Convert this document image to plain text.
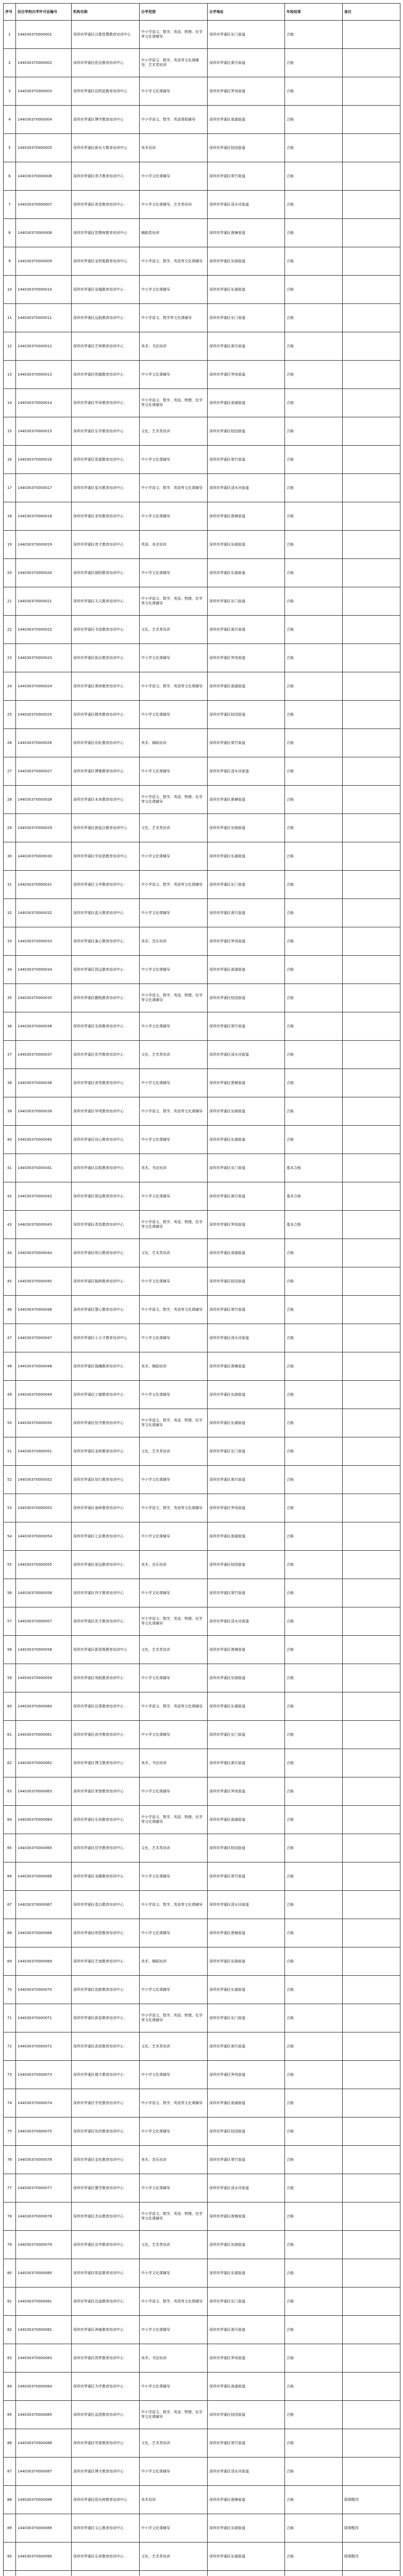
序号	民办学校办学许可证编号	机构名称	办学范围	办学地址	年检结果	备注
1	144030370000001	深圳市罗湖区百教智慧教育培训中心	中小学语文、数学、英语、物理、化学等文化课辅导	深圳市罗湖区东门街道	合格	
2	144030370000002	深圳市罗湖区阳光教育培训中心	中小学语文、数学、英语等文化课辅导，艺术类培训	深圳市罗湖区黄贝街道	合格	
3	144030370000003	深圳市罗湖区启明星教育培训中心	中小学文化课辅导	深圳市罗湖区笋岗街道	合格	
4	144030370000004	深圳市罗湖区博学教育培训中心	中小学语文、数学、英语课程辅导	深圳市罗湖区南湖街道	合格	
5	144030370000005	深圳市罗湖区新东方教育培训中心	美术培训	深圳市罗湖区桂园街道	合格	
6	144030370000006	深圳市罗湖区英才教育培训中心	中小学文化课辅导	深圳市罗湖区翠竹街道	合格	
7	144030370000007	深圳市罗湖区育苗教育培训中心	中小学文化课辅导，艺术类培训	深圳市罗湖区清水河街道	合格	
8	144030370000008	深圳市罗湖区智慧树教育培训中心	舞蹈类培训	深圳市罗湖区莲塘街道	合格	
9	144030370000009	深圳市罗湖区金钥匙教育培训中心	中小学语文、数学、英语等文化课辅导	深圳市罗湖区东晓街道	合格	
10	144030370000010	深圳市罗湖区卓越教育培训中心	中小学文化课辅导	深圳市罗湖区东湖街道	合格	
11	144030370000011	深圳市罗湖区远航教育培训中心	中小学语文、数学等文化课辅导	深圳市罗湖区东门街道	合格	
12	144030370000012	深圳市罗湖区艺林教育培训中心	美术、书法培训	深圳市罗湖区黄贝街道	合格	
13	144030370000013	深圳市罗湖区明德教育培训中心	中小学文化课辅导	深圳市罗湖区笋岗街道	合格	
14	144030370000014	深圳市罗湖区华章教育培训中心	中小学语文、数学、英语、物理、化学等文化课辅导	深圳市罗湖区南湖街道	合格	
15	144030370000015	深圳市罗湖区乐学教育培训中心	文化、艺术类培训	深圳市罗湖区桂园街道	合格	
16	144030370000016	深圳市罗湖区思源教育培训中心	中小学文化课辅导	深圳市罗湖区翠竹街道	合格	
17	144030370000017	深圳市罗湖区星光教育培训中心	中小学语文、数学、英语等文化课辅导	深圳市罗湖区清水河街道	合格	
18	144030370000018	深圳市罗湖区求知教育培训中心	中小学文化课辅导	深圳市罗湖区莲塘街道	合格	
19	144030370000019	深圳市罗湖区育才教育培训中心	英语、美术培训	深圳市罗湖区东晓街道	合格	
20	144030370000020	深圳市罗湖区朝阳教育培训中心	中小学文化课辅导	深圳市罗湖区东湖街道	合格	
21	144030370000021	深圳市罗湖区天天教育培训中心	中小学语文、数学、英语、物理、化学等文化课辅导	深圳市罗湖区东门街道	合格	
22	144030370000022	深圳市罗湖区书香教育培训中心	文化、艺术类培训	深圳市罗湖区黄贝街道	合格	
23	144030370000023	深圳市罗湖区励志教育培训中心	中小学文化课辅导	深圳市罗湖区笋岗街道	合格	
24	144030370000024	深圳市罗湖区奥林教育培训中心	中小学语文、数学、英语等文化课辅导	深圳市罗湖区南湖街道	合格	
25	144030370000025	深圳市罗湖区精英教育培训中心	中小学文化课辅导	深圳市罗湖区桂园街道	合格	
26	144030370000026	深圳市罗湖区彩虹教育培训中心	美术、舞蹈培训	深圳市罗湖区翠竹街道	合格	
27	144030370000027	深圳市罗湖区博雅教育培训中心	中小学文化课辅导	深圳市罗湖区清水河街道	合格	
28	144030370000028	深圳市罗湖区未来教育培训中心	中小学语文、数学、英语、物理、化学等文化课辅导	深圳市罗湖区莲塘街道	合格	
29	144030370000029	深圳市罗湖区新起点教育培训中心	文化、艺术类培训	深圳市罗湖区东晓街道	合格	
30	144030370000030	深圳市罗湖区学而思教育培训中心	中小学文化课辅导	深圳市罗湖区东湖街道	合格	
31	144030370000031	深圳市罗湖区文华教育培训中心	中小学语文、数学、英语等文化课辅导	深圳市罗湖区东门街道	合格	
32	144030370000032	深圳市罗湖区蓝天教育培训中心	中小学文化课辅导	深圳市罗湖区黄贝街道	合格	
33	144030370000033	深圳市罗湖区童心教育培训中心	美术、音乐培训	深圳市罗湖区笋岗街道	合格	
34	144030370000034	深圳市罗湖区致远教育培训中心	中小学文化课辅导	深圳市罗湖区南湖街道	合格	
35	144030370000035	深圳市罗湖区鹏程教育培训中心	中小学语文、数学、英语、物理、化学等文化课辅导	深圳市罗湖区桂园街道	合格	
36	144030370000036	深圳市罗湖区名师教育培训中心	中小学文化课辅导	深圳市罗湖区翠竹街道	合格	
37	144030370000037	深圳市罗湖区优学教育培训中心	文化、艺术类培训	深圳市罗湖区清水河街道	合格	
38	144030370000038	深圳市罗湖区育英教育培训中心	中小学文化课辅导	深圳市罗湖区莲塘街道	合格	
39	144030370000039	深圳市罗湖区华英教育培训中心	中小学语文、数学、英语等文化课辅导	深圳市罗湖区东晓街道	合格	
40	144030370000040	深圳市罗湖区同心教育培训中心	中小学文化课辅导	深圳市罗湖区东湖街道	合格	
41	144030370000041	深圳市罗湖区启航教育培训中心	美术、书法培训	深圳市罗湖区东门街道	基本合格	
42	144030370000042	深圳市罗湖区智远教育培训中心	中小学文化课辅导	深圳市罗湖区黄贝街道	基本合格	
43	144030370000043	深圳市罗湖区青苗教育培训中心	中小学语文、数学、英语、物理、化学等文化课辅导	深圳市罗湖区笋岗街道	基本合格	
44	144030370000044	深圳市罗湖区明日教育培训中心	文化、艺术类培训	深圳市罗湖区南湖街道	合格	
45	144030370000045	深圳市罗湖区翰林教育培训中心	中小学文化课辅导	深圳市罗湖区桂园街道	合格	
46	144030370000046	深圳市罗湖区慧心教育培训中心	中小学语文、数学、英语等文化课辅导	深圳市罗湖区翠竹街道	合格	
47	144030370000047	深圳市罗湖区小天才教育培训中心	中小学文化课辅导	深圳市罗湖区清水河街道	合格	
48	144030370000048	深圳市罗湖区晨曦教育培训中心	美术、舞蹈培训	深圳市罗湖区莲塘街道	合格	
49	144030370000049	深圳市罗湖区立德教育培训中心	中小学文化课辅导	深圳市罗湖区东晓街道	合格	
50	144030370000050	深圳市罗湖区恒学教育培训中心	中小学语文、数学、英语、物理、化学等文化课辅导	深圳市罗湖区东湖街道	合格	
51	144030370000051	深圳市罗湖区金桥教育培训中心	文化、艺术类培训	深圳市罗湖区东门街道	合格	
52	144030370000052	深圳市罗湖区知行教育培训中心	中小学文化课辅导	深圳市罗湖区黄贝街道	合格	
53	144030370000053	深圳市罗湖区春晖教育培训中心	中小学语文、数学、英语等文化课辅导	深圳市罗湖区笋岗街道	合格	
54	144030370000054	深圳市罗湖区七彩教育培训中心	中小学文化课辅导	深圳市罗湖区南湖街道	合格	
55	144030370000055	深圳市罗湖区思远教育培训中心	美术、音乐培训	深圳市罗湖区桂园街道	合格	
56	144030370000056	深圳市罗湖区伟才教育培训中心	中小学文化课辅导	深圳市罗湖区翠竹街道	合格	
57	144030370000057	深圳市罗湖区优才教育培训中心	中小学语文、数学、英语、物理、化学等文化课辅导	深圳市罗湖区清水河街道	合格	
58	144030370000058	深圳市罗湖区新思维教育培训中心	文化、艺术类培训	深圳市罗湖区莲塘街道	合格	
59	144030370000059	深圳市罗湖区领航教育培训中心	中小学文化课辅导	深圳市罗湖区东晓街道	合格	
60	144030370000060	深圳市罗湖区启蒙教育培训中心	中小学语文、数学、英语等文化课辅导	深圳市罗湖区东湖街道	合格	
61	144030370000061	深圳市罗湖区尚学教育培训中心	中小学文化课辅导	深圳市罗湖区东门街道	合格	
62	144030370000062	深圳市罗湖区博文教育培训中心	美术、书法培训	深圳市罗湖区黄贝街道	合格	
63	144030370000063	深圳市罗湖区荣誉教育培训中心	中小学文化课辅导	深圳市罗湖区笋岗街道	合格	
64	144030370000064	深圳市罗湖区乐知教育培训中心	中小学语文、数学、英语、物理、化学等文化课辅导	深圳市罗湖区南湖街道	合格	
65	144030370000065	深圳市罗湖区佳学教育培训中心	文化、艺术类培训	深圳市罗湖区桂园街道	合格	
66	144030370000066	深圳市罗湖区龙腾教育培训中心	中小学文化课辅导	深圳市罗湖区翠竹街道	合格	
67	144030370000067	深圳市罗湖区壹点教育培训中心	中小学语文、数学、英语等文化课辅导	深圳市罗湖区清水河街道	合格	
68	144030370000068	深圳市罗湖区明智教育培训中心	中小学文化课辅导	深圳市罗湖区莲塘街道	合格	
69	144030370000069	深圳市罗湖区艺海教育培训中心	美术、舞蹈培训	深圳市罗湖区东晓街道	合格	
70	144030370000070	深圳市罗湖区创新教育培训中心	中小学文化课辅导	深圳市罗湖区东湖街道	合格	
71	144030370000071	深圳市罗湖区新星教育培训中心	中小学语文、数学、英语、物理、化学等文化课辅导	深圳市罗湖区东门街道	合格	
72	144030370000072	深圳市罗湖区高思教育培训中心	文化、艺术类培训	深圳市罗湖区黄贝街道	合格	
73	144030370000073	深圳市罗湖区德才教育培训中心	中小学文化课辅导	深圳市罗湖区笋岗街道	合格	
74	144030370000074	深圳市罗湖区学优教育培训中心	中小学语文、数学、英语等文化课辅导	深圳市罗湖区南湖街道	合格	
75	144030370000075	深圳市罗湖区知音教育培训中心	中小学文化课辅导	深圳市罗湖区桂园街道	合格	
76	144030370000076	深圳市罗湖区金色教育培训中心	美术、音乐培训	深圳市罗湖区翠竹街道	合格	
77	144030370000077	深圳市罗湖区慧学教育培训中心	中小学文化课辅导	深圳市罗湖区清水河街道	合格	
78	144030370000078	深圳市罗湖区杰出教育培训中心	中小学语文、数学、英语、物理、化学等文化课辅导	深圳市罗湖区莲塘街道	合格	
79	144030370000079	深圳市罗湖区京华教育培训中心	文化、艺术类培训	深圳市罗湖区东晓街道	合格	
80	144030370000080	深圳市罗湖区明星教育培训中心	中小学文化课辅导	深圳市罗湖区东湖街道	合格	
81	144030370000081	深圳市罗湖区启迪教育培训中心	中小学语文、数学、英语等文化课辅导	深圳市罗湖区东门街道	合格	
82	144030370000082	深圳市罗湖区神童教育培训中心	中小学文化课辅导	深圳市罗湖区黄贝街道	合格	
83	144030370000083	深圳市罗湖区筑梦教育培训中心	美术、书法培训	深圳市罗湖区笋岗街道	合格	
84	144030370000084	深圳市罗湖区为学教育培训中心	中小学文化课辅导	深圳市罗湖区南湖街道	合格	
85	144030370000085	深圳市罗湖区益智教育培训中心	中小学语文、数学、英语、物理、化学等文化课辅导	深圳市罗湖区桂园街道	合格	
86	144030370000086	深圳市罗湖区华夏教育培训中心	文化、艺术类培训	深圳市罗湖区翠竹街道	合格	
87	144030370000087	深圳市罗湖区博才教育培训中心	中小学文化课辅导	深圳市罗湖区清水河街道	合格	
88	144030370000088	深圳市罗湖区阳光树教育培训中心	美术培训	深圳市罗湖区莲塘街道	合格	限期整改
89	144030370000089	深圳市罗湖区文心教育培训中心	中小学文化课辅导	深圳市罗湖区东晓街道	合格	限期整改
90	144030370000090	深圳市罗湖区乐育教育培训中心	文化、艺术类培训	深圳市罗湖区东湖街道	合格	限期整改
